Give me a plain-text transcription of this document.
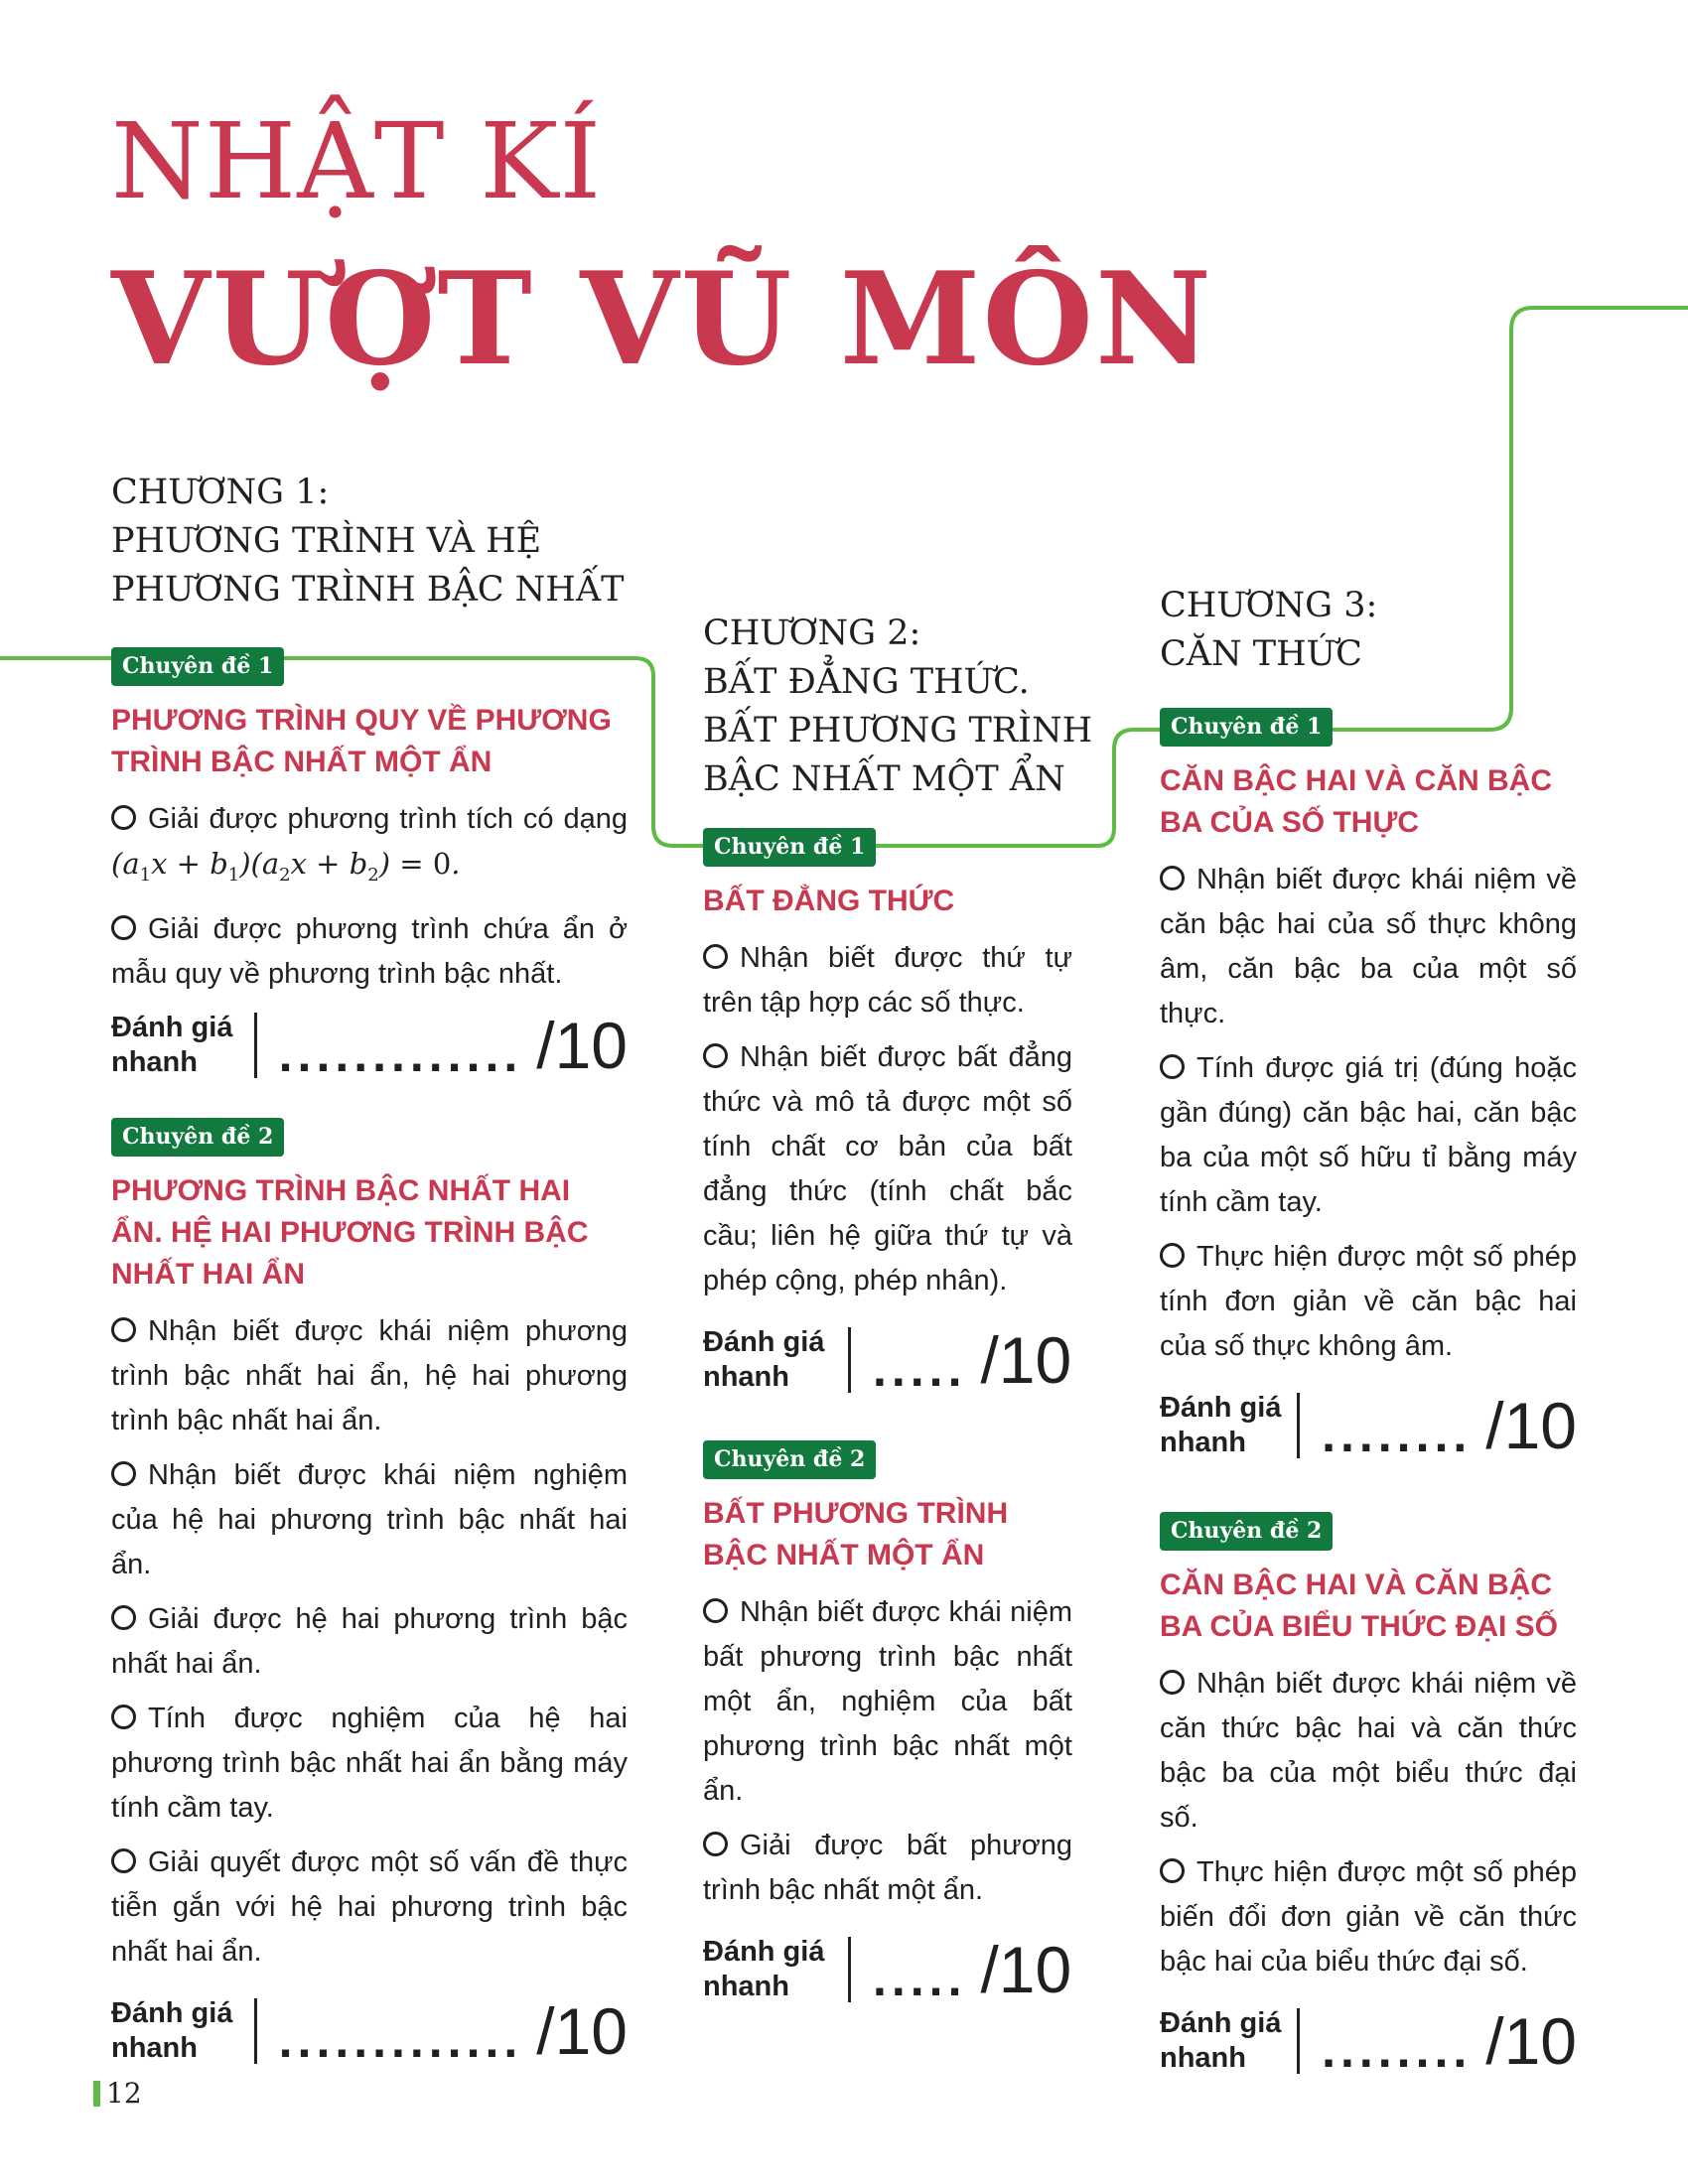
NHẬT KÍ
VƯỢT VŨ MÔN
CHƯƠNG 1:
PHƯƠNG TRÌNH VÀ HỆ
PHƯƠNG TRÌNH BẬC NHẤT
Chuyên đề 1
PHƯƠNG TRÌNH QUY VỀ PHƯƠNG TRÌNH BẬC NHẤT MỘT ẨN

Giải được phương trình tích có dạng $(a_1x + b_1)(a_2x + b_2) = 0$.

Giải được phương trình chứa ẩn ở mẫu quy về phương trình bậc nhất.

Đánh giá nhanh	............. /10
Chuyên đề 2
PHƯƠNG TRÌNH BẬC NHẤT HAI ẨN. HỆ HAI PHƯƠNG TRÌNH BẬC NHẤT HAI ẨN

Nhận biết được khái niệm phương trình bậc nhất hai ẩn, hệ hai phương trình bậc nhất hai ẩn.

Nhận biết được khái niệm nghiệm của hệ hai phương trình bậc nhất hai ẩn.

Giải được hệ hai phương trình bậc nhất hai ẩn.

Tính được nghiệm của hệ hai phương trình bậc nhất hai ẩn bằng máy tính cầm tay.

Giải quyết được một số vấn đề thực tiễn gắn với hệ hai phương trình bậc nhất hai ẩn.

Đánh giá nhanh	............. /10
CHƯƠNG 2:
BẤT ĐẲNG THỨC.
BẤT PHƯƠNG TRÌNH
BẬC NHẤT MỘT ẨN
Chuyên đề 1
BẤT ĐẲNG THỨC

Nhận biết được thứ tự trên tập hợp các số thực.

Nhận biết được bất đẳng thức và mô tả được một số tính chất cơ bản của bất đẳng thức (tính chất bắc cầu; liên hệ giữa thứ tự và phép cộng, phép nhân).

Đánh giá nhanh	..... /10
Chuyên đề 2
BẤT PHƯƠNG TRÌNH BẬC NHẤT MỘT ẨN

Nhận biết được khái niệm bất phương trình bậc nhất một ẩn, nghiệm của bất phương trình bậc nhất một ẩn.

Giải được bất phương trình bậc nhất một ẩn.

Đánh giá nhanh	..... /10
CHƯƠNG 3:
CĂN THỨC
Chuyên đề 1
CĂN BẬC HAI VÀ CĂN BẬC BA CỦA SỐ THỰC

Nhận biết được khái niệm về căn bậc hai của số thực không âm, căn bậc ba của một số thực.

Tính được giá trị (đúng hoặc gần đúng) căn bậc hai, căn bậc ba của một số hữu tỉ bằng máy tính cầm tay.

Thực hiện được một số phép tính đơn giản về căn bậc hai của số thực không âm.

Đánh giá nhanh	........ /10
Chuyên đề 2
CĂN BẬC HAI VÀ CĂN BẬC BA CỦA BIỂU THỨC ĐẠI SỐ

Nhận biết được khái niệm về căn thức bậc hai và căn thức bậc ba của một biểu thức đại số.

Thực hiện được một số phép biến đổi đơn giản về căn thức bậc hai của biểu thức đại số.

Đánh giá nhanh	........ /10
12
